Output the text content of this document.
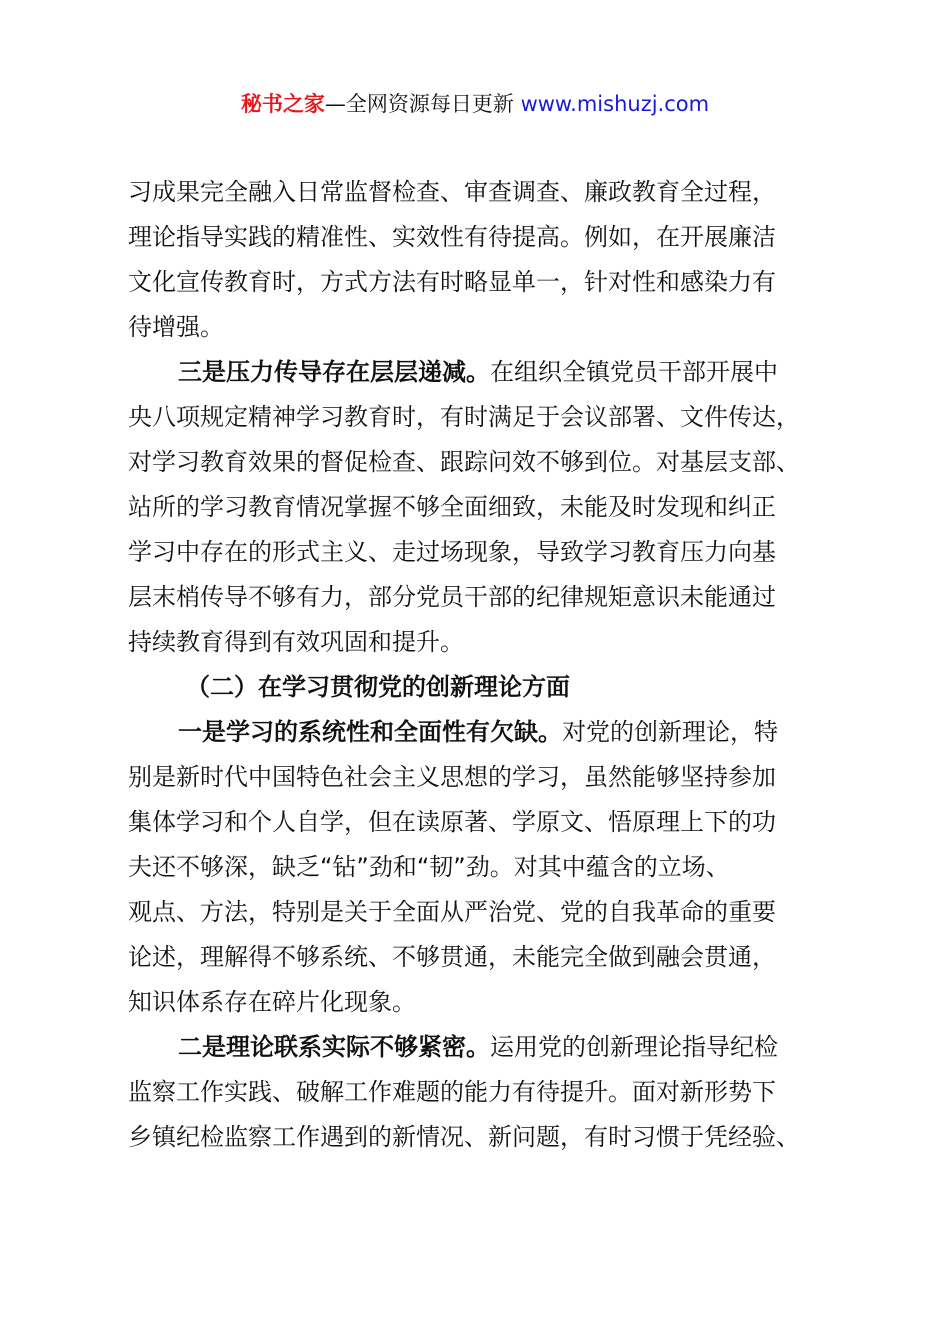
秘书之家—全网资源每日更新 www.mishuzj.com
习成果完全融入日常监督检查、审查调查、廉政教育全过程，
理论指导实践的精准性、实效性有待提高。例如，在开展廉洁
文化宣传教育时，方式方法有时略显单一，针对性和感染力有
待增强。
三是压力传导存在层层递减。在组织全镇党员干部开展中
央八项规定精神学习教育时，有时满足于会议部署、文件传达，
对学习教育效果的督促检查、跟踪问效不够到位。对基层支部、
站所的学习教育情况掌握不够全面细致，未能及时发现和纠正
学习中存在的形式主义、走过场现象，导致学习教育压力向基
层末梢传导不够有力，部分党员干部的纪律规矩意识未能通过
持续教育得到有效巩固和提升。
（二）在学习贯彻党的创新理论方面
一是学习的系统性和全面性有欠缺。对党的创新理论，特
别是新时代中国特色社会主义思想的学习，虽然能够坚持参加
集体学习和个人自学，但在读原著、学原文、悟原理上下的功
夫还不够深，缺乏“钻”劲和“韧”劲。对其中蕴含的立场、
观点、方法，特别是关于全面从严治党、党的自我革命的重要
论述，理解得不够系统、不够贯通，未能完全做到融会贯通，
知识体系存在碎片化现象。
二是理论联系实际不够紧密。运用党的创新理论指导纪检
监察工作实践、破解工作难题的能力有待提升。面对新形势下
乡镇纪检监察工作遇到的新情况、新问题，有时习惯于凭经验、
